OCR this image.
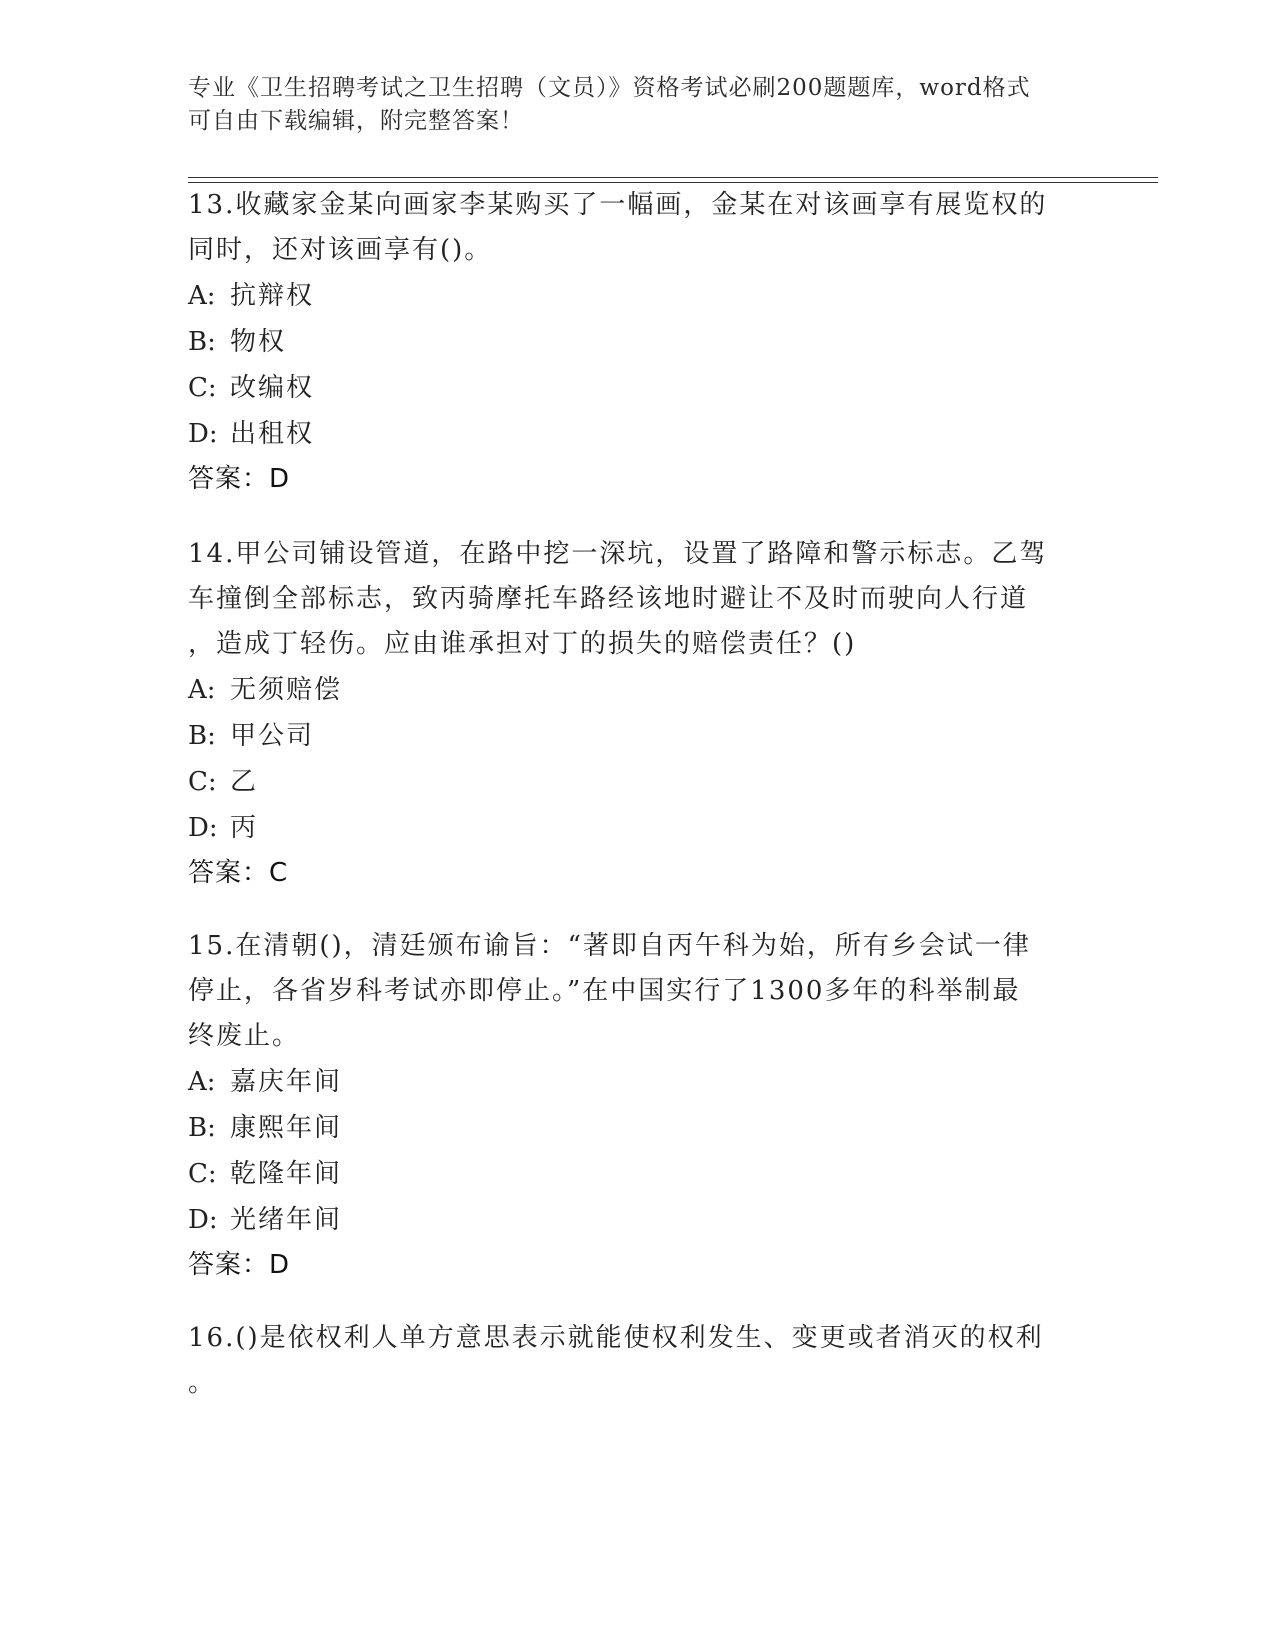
专业《卫生招聘考试之卫生招聘（文员）》资格考试必刷200题题库，word格式
可自由下载编辑，附完整答案！
13.收藏家金某向画家李某购买了一幅画，金某在对该画享有展览权的
同时，还对该画享有()。
A: 抗辩权
B: 物权
C: 改编权
D: 出租权
答案：D
14.甲公司铺设管道，在路中挖一深坑，设置了路障和警示标志。乙驾
车撞倒全部标志，致丙骑摩托车路经该地时避让不及时而驶向人行道
，造成丁轻伤。应由谁承担对丁的损失的赔偿责任？()
A: 无须赔偿
B: 甲公司
C: 乙
D: 丙
答案：C
15.在清朝()，清廷颁布谕旨：“著即自丙午科为始，所有乡会试一律
停止，各省岁科考试亦即停止。”在中国实行了1300多年的科举制最
终废止。
A: 嘉庆年间
B: 康熙年间
C: 乾隆年间
D: 光绪年间
答案：D
16.()是依权利人单方意思表示就能使权利发生、变更或者消灭的权利
。
